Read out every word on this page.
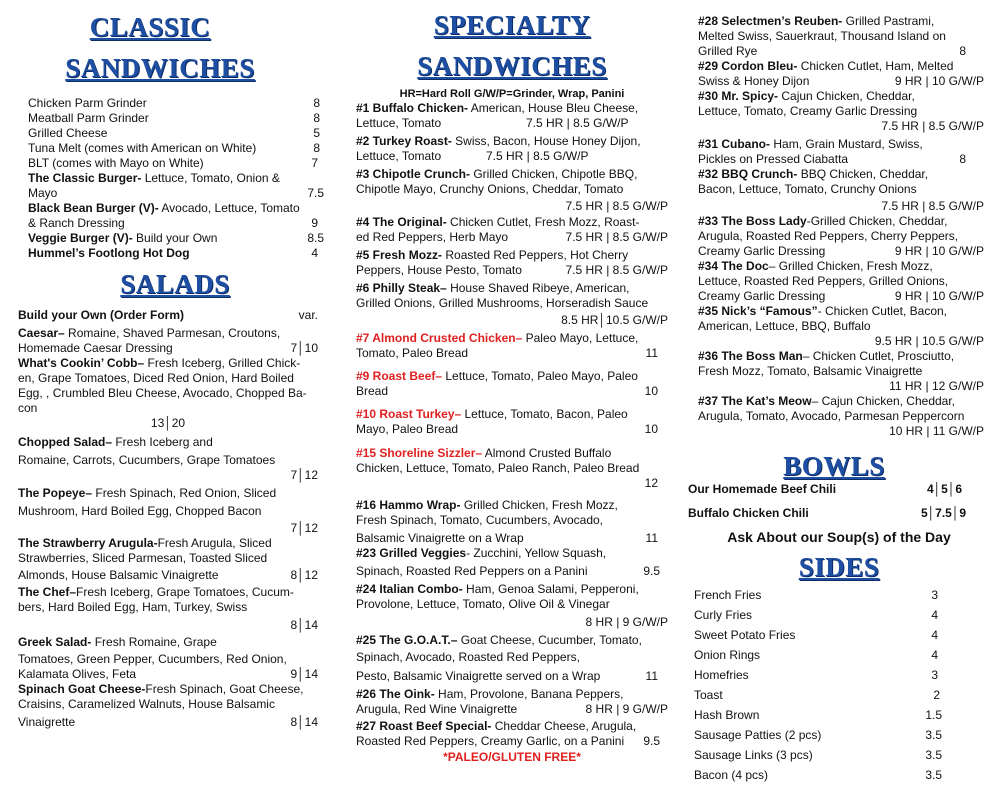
CLASSIC
SANDWICHES
Chicken Parm Grinder	8
Meatball Parm Grinder	8
Grilled Cheese	5
Tuna Melt (comes with American on White)	8
BLT (comes with Mayo on White)	7
The Classic Burger- Lettuce, Tomato, Onion &
Mayo	7.5
Black Bean Burger (V)- Avocado, Lettuce, Tomato
& Ranch Dressing	9
Veggie Burger (V)- Build your Own	8.5
Hummel’s Footlong Hot Dog	4
SALADS
Build your Own (Order Form)	var.
Caesar– Romaine, Shaved Parmesan, Croutons,
Homemade Caesar Dressing	7│10
What's Cookin’ Cobb– Fresh Iceberg, Grilled Chick-
en, Grape Tomatoes, Diced Red Onion, Hard Boiled
Egg, , Crumbled Bleu Cheese, Avocado, Chopped Ba-
con
13│20
Chopped Salad– Fresh Iceberg and
Romaine, Carrots, Cucumbers, Grape Tomatoes
7│12
The Popeye– Fresh Spinach, Red Onion, Sliced
Mushroom, Hard Boiled Egg, Chopped Bacon
7│12
The Strawberry Arugula-Fresh Arugula, Sliced
Strawberries, Sliced Parmesan, Toasted Sliced
Almonds, House Balsamic Vinaigrette	8│12
The Chef–Fresh Iceberg, Grape Tomatoes, Cucum-
bers, Hard Boiled Egg, Ham, Turkey, Swiss
8│14
Greek Salad- Fresh Romaine, Grape
Tomatoes, Green Pepper, Cucumbers, Red Onion,
Kalamata Olives, Feta	9│14
Spinach Goat Cheese-Fresh Spinach, Goat Cheese,
Craisins, Caramelized Walnuts, House Balsamic
Vinaigrette	8│14
SPECIALTY
SANDWICHES
HR=Hard Roll G/W/P=Grinder, Wrap, Panini
#1 Buffalo Chicken- American, House Bleu Cheese,
Lettuce, Tomato	7.5 HR | 8.5 G/W/P
#2 Turkey Roast- Swiss, Bacon, House Honey Dijon,
Lettuce, Tomato	7.5 HR | 8.5 G/W/P
#3 Chipotle Crunch- Grilled Chicken, Chipotle BBQ,
Chipotle Mayo, Crunchy Onions, Cheddar, Tomato
7.5 HR | 8.5 G/W/P
#4 The Original- Chicken Cutlet, Fresh Mozz, Roast-
ed Red Peppers, Herb Mayo	7.5 HR | 8.5 G/W/P
#5 Fresh Mozz- Roasted Red Peppers, Hot Cherry
Peppers, House Pesto, Tomato	7.5 HR | 8.5 G/W/P
#6 Philly Steak– House Shaved Ribeye, American,
Grilled Onions, Grilled Mushrooms, Horseradish Sauce
8.5 HR│10.5 G/W/P
#7 Almond Crusted Chicken– Paleo Mayo, Lettuce,
Tomato, Paleo Bread	11
#9 Roast Beef– Lettuce, Tomato, Paleo Mayo, Paleo
Bread	10
#10 Roast Turkey– Lettuce, Tomato, Bacon, Paleo
Mayo, Paleo Bread	10
#15 Shoreline Sizzler– Almond Crusted Buffalo
Chicken, Lettuce, Tomato, Paleo Ranch, Paleo Bread
12
#16 Hammo Wrap- Grilled Chicken, Fresh Mozz,
Fresh Spinach, Tomato, Cucumbers, Avocado,
Balsamic Vinaigrette on a Wrap	11
#23 Grilled Veggies- Zucchini, Yellow Squash,
Spinach, Roasted Red Peppers on a Panini	9.5
#24 Italian Combo- Ham, Genoa Salami, Pepperoni,
Provolone, Lettuce, Tomato, Olive Oil & Vinegar
8 HR | 9 G/W/P
#25 The G.O.A.T.– Goat Cheese, Cucumber, Tomato,
Spinach, Avocado, Roasted Red Peppers,
Pesto, Balsamic Vinaigrette served on a Wrap	11
#26 The Oink- Ham, Provolone, Banana Peppers,
Arugula, Red Wine Vinaigrette	8 HR | 9 G/W/P
#27 Roast Beef Special- Cheddar Cheese, Arugula,
Roasted Red Peppers, Creamy Garlic, on a Panini 9.5
*PALEO/GLUTEN FREE*
#28 Selectmen’s Reuben- Grilled Pastrami,
Melted Swiss, Sauerkraut, Thousand Island on
Grilled Rye	8
#29 Cordon Bleu- Chicken Cutlet, Ham, Melted
Swiss & Honey Dijon	9 HR | 10 G/W/P
#30 Mr. Spicy- Cajun Chicken, Cheddar,
Lettuce, Tomato, Creamy Garlic Dressing
7.5 HR | 8.5 G/W/P
#31 Cubano- Ham, Grain Mustard, Swiss,
Pickles on Pressed Ciabatta	8
#32 BBQ Crunch- BBQ Chicken, Cheddar,
Bacon, Lettuce, Tomato, Crunchy Onions
7.5 HR | 8.5 G/W/P
#33 The Boss Lady-Grilled Chicken, Cheddar,
Arugula, Roasted Red Peppers, Cherry Peppers,
Creamy Garlic Dressing	9 HR | 10 G/W/P
#34 The Doc– Grilled Chicken, Fresh Mozz,
Lettuce, Roasted Red Peppers, Grilled Onions,
Creamy Garlic Dressing	9 HR | 10 G/W/P
#35 Nick’s “Famous”- Chicken Cutlet, Bacon,
American, Lettuce, BBQ, Buffalo
9.5 HR | 10.5 G/W/P
#36 The Boss Man– Chicken Cutlet, Prosciutto,
Fresh Mozz, Tomato, Balsamic Vinaigrette
11 HR | 12 G/W/P
#37 The Kat’s Meow– Cajun Chicken, Cheddar,
Arugula, Tomato, Avocado, Parmesan Peppercorn
10 HR | 11 G/W/P
BOWLS
Our Homemade Beef Chili	4│5│6
Buffalo Chicken Chili	5│7.5│9
Ask About our Soup(s) of the Day
SIDES
French Fries	3
Curly Fries	4
Sweet Potato Fries	4
Onion Rings	4
Homefries	3
Toast	2
Hash Brown	1.5
Sausage Patties (2 pcs)	3.5
Sausage Links (3 pcs)	3.5
Bacon (4 pcs)	3.5
